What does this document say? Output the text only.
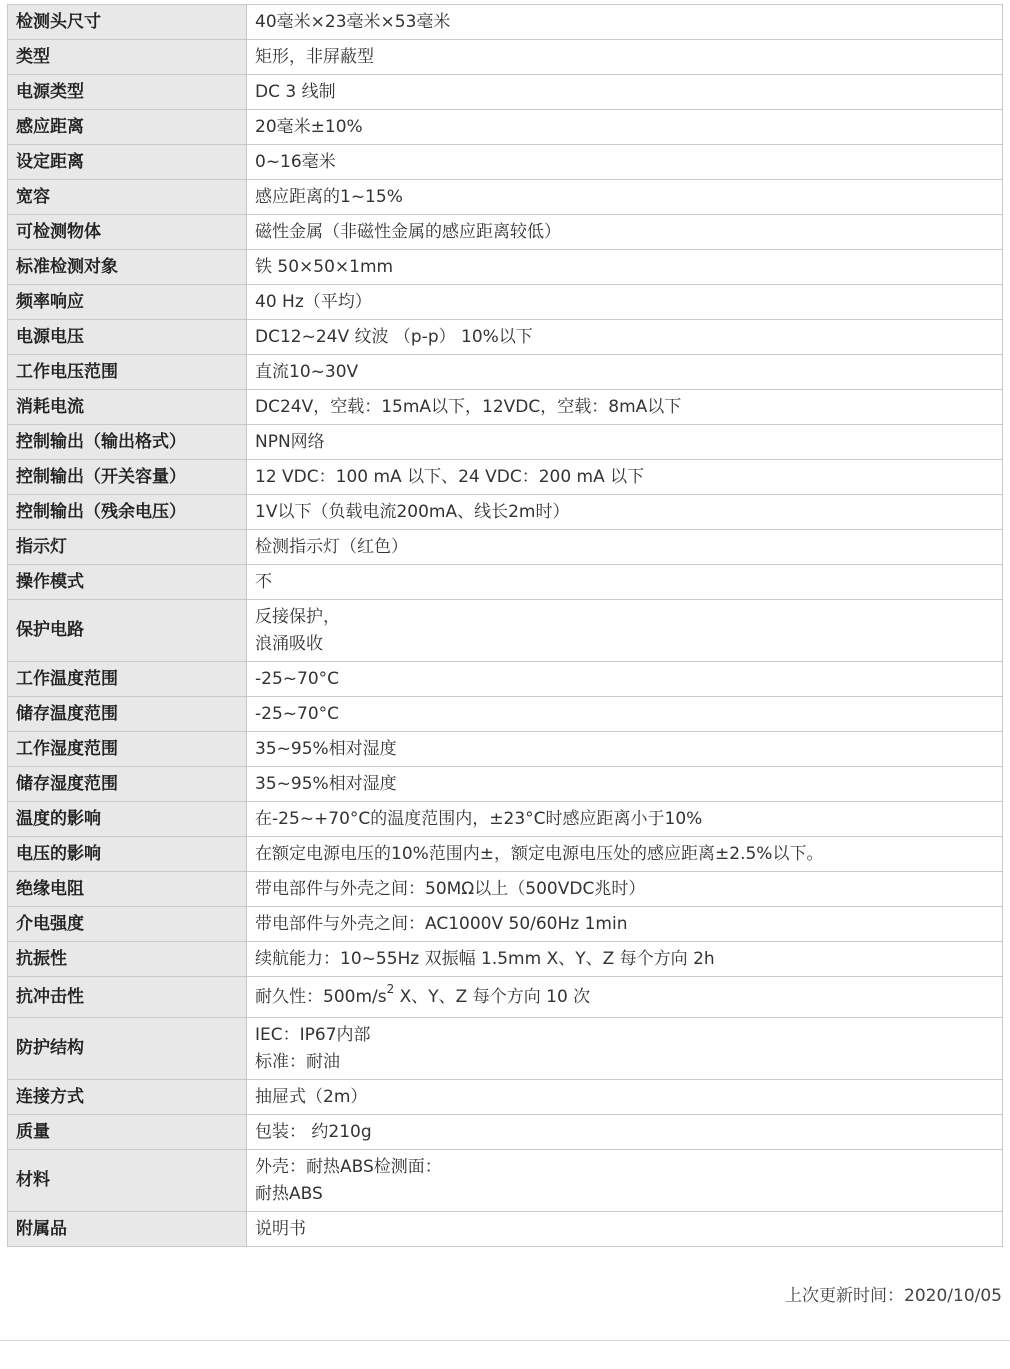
检测头尺寸	40毫米×23毫米×53毫米

类型	矩形，非屏蔽型

电源类型	DC 3 线制

感应距离	20毫米±10%

设定距离	0~16毫米

宽容	感应距离的1~15%

可检测物体	磁性金属（非磁性金属的感应距离较低）

标准检测对象	铁 50×50×1mm

频率响应	40 Hz（平均）

电源电压	DC12~24V 纹波 （p-p） 10%以下

工作电压范围	直流10~30V

消耗电流	DC24V，空载：15mA以下，12VDC，空载：8mA以下

控制输出（输出格式）	NPN网络

控制输出（开关容量）	12 VDC：100 mA 以下、24 VDC：200 mA 以下

控制输出（残余电压）	1V以下（负载电流200mA、线长2m时）

指示灯	检测指示灯（红色）

操作模式	不

保护电路	反接保护，
浪涌吸收

工作温度范围	-25~70°C

储存温度范围	-25~70°C

工作湿度范围	35~95%相对湿度

储存湿度范围	35~95%相对湿度

温度的影响	在-25~+70°C的温度范围内，±23°C时感应距离小于10%

电压的影响	在额定电源电压的10%范围内±，额定电源电压处的感应距离±2.5%以下。

绝缘电阻	带电部件与外壳之间：50MΩ以上（500VDC兆时）

介电强度	带电部件与外壳之间：AC1000V 50/60Hz 1min

抗振性	续航能力：10~55Hz 双振幅 1.5mm X、Y、Z 每个方向 2h

抗冲击性	耐久性：$500m/s^2$ X、Y、Z 每个方向 10 次

防护结构	IEC：IP67内部
标准：耐油

连接方式	抽屉式（2m）

质量	包装： 约210g

材料	外壳：耐热ABS检测面：
耐热ABS

附属品	说明书
上次更新时间：2020/10/05
